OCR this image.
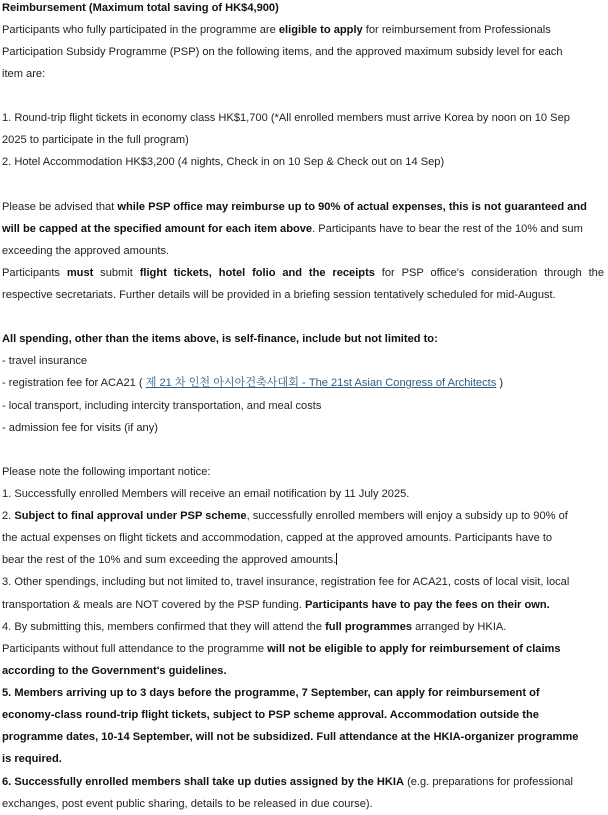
Reimbursement (Maximum total saving of HK$4,900)
Participants who fully participated in the programme are eligible to apply for reimbursement from Professionals
Participation Subsidy Programme (PSP) on the following items, and the approved maximum subsidy level for each
item are:
1. Round-trip flight tickets in economy class HK$1,700 (*All enrolled members must arrive Korea by noon on 10 Sep
2025 to participate in the full program)
2. Hotel Accommodation HK$3,200 (4 nights, Check in on 10 Sep & Check out on 14 Sep)
Please be advised that while PSP office may reimburse up to 90% of actual expenses, this is not guaranteed and
will be capped at the specified amount for each item above. Participants have to bear the rest of the 10% and sum
exceeding the approved amounts.
Participants must submit flight tickets, hotel folio and the receipts for PSP office's consideration through the
respective secretariats. Further details will be provided in a briefing session tentatively scheduled for mid-August.
All spending, other than the items above, is self-finance, include but not limited to:
- travel insurance
- registration fee for ACA21 ( 제 21 차 인천 아시아건축사대회 - The 21st Asian Congress of Architects )
- local transport, including intercity transportation, and meal costs
- admission fee for visits (if any)
Please note the following important notice:
1. Successfully enrolled Members will receive an email notification by 11 July 2025.
2. Subject to final approval under PSP scheme, successfully enrolled members will enjoy a subsidy up to 90% of
the actual expenses on flight tickets and accommodation, capped at the approved amounts. Participants have to
bear the rest of the 10% and sum exceeding the approved amounts.
3. Other spendings, including but not limited to, travel insurance, registration fee for ACA21, costs of local visit, local
transportation & meals are NOT covered by the PSP funding. Participants have to pay the fees on their own.
4. By submitting this, members confirmed that they will attend the full programmes arranged by HKIA.
Participants without full attendance to the programme will not be eligible to apply for reimbursement of claims
according to the Government's guidelines.
5. Members arriving up to 3 days before the programme, 7 September, can apply for reimbursement of
economy-class round-trip flight tickets, subject to PSP scheme approval. Accommodation outside the
programme dates, 10-14 September, will not be subsidized. Full attendance at the HKIA-organizer programme
is required.
6. Successfully enrolled members shall take up duties assigned by the HKIA (e.g. preparations for professional
exchanges, post event public sharing, details to be released in due course).
